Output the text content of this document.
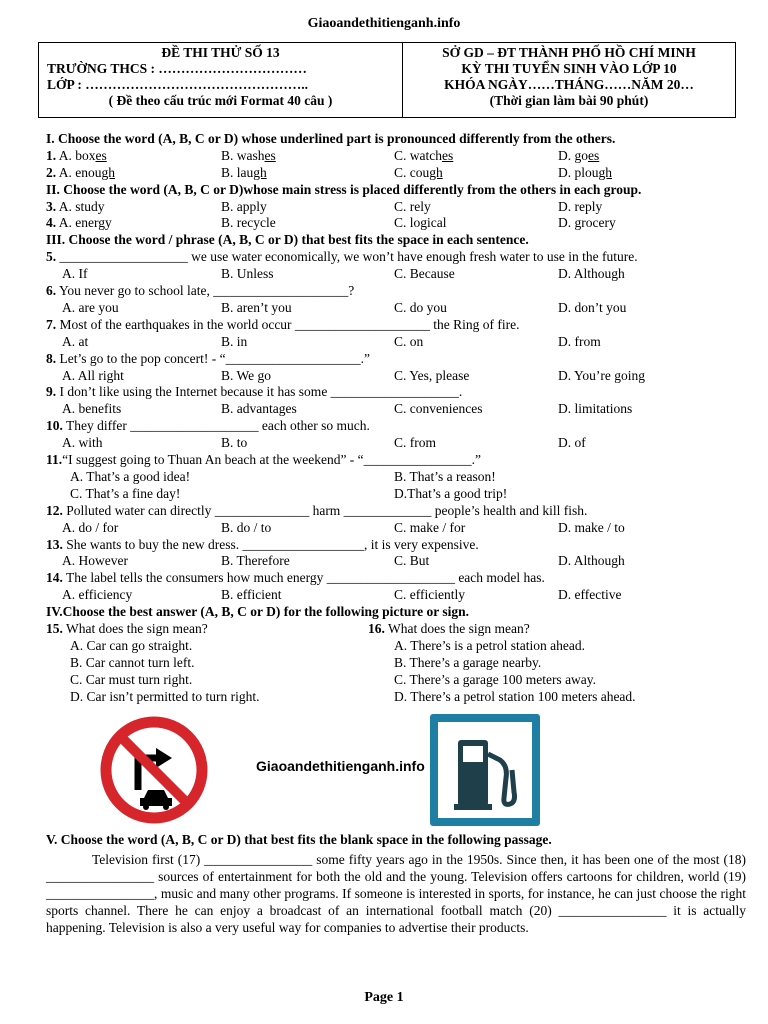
Giaoandethitienganh.info
ĐỀ THI THỬ SỐ 13
TRƯỜNG THCS : ……………………………
LỚP : …………………………………………..
( Đề theo cấu trúc mới Format 40 câu )
SỞ GD – ĐT THÀNH PHỐ HỒ CHÍ MINH
KỲ THI TUYỂN SINH VÀO LỚP 10
KHÓA NGÀY……THÁNG……NĂM 20…
(Thời gian làm bài 90 phút)
I. Choose the word (A, B, C or D) whose underlined part is pronounced differently from the others.
1. A. boxes	B. washes	C. watches	D. goes
2. A. enough	B. laugh	C. cough	D. plough
II. Choose the word (A, B, C or D)whose main stress is placed differently from the others in each group.
3. A. study	B. apply	C. rely	D. reply
4. A. energy	B. recycle	C. logical	D. grocery
III. Choose the word / phrase (A, B, C or D) that best fits the space in each sentence.
5. ___________________ we use water economically, we won’t have enough fresh water to use in the future.
A. If	B. Unless	C. Because	D. Although
6. You never go to school late, ____________________?
A. are you	B. aren’t you	C. do you	D. don’t you
7. Most of the earthquakes in the world occur ____________________ the Ring of fire.
A. at	B. in	C. on	D. from
8. Let’s go to the pop concert! - “____________________.”
A. All right	B. We go	C. Yes, please	D. You’re going
9. I don’t like using the Internet because it has some ___________________.
A. benefits	B. advantages	C. conveniences	D. limitations
10. They differ ___________________ each other so much.
A. with	B. to	C. from	D. of
11.“I suggest going to Thuan An beach at the weekend” - “________________.”
A. That’s a good idea!	B. That’s a reason!
C. That’s a fine day!	D.That’s a good trip!
12. Polluted water can directly ______________ harm _____________ people’s health and kill fish.
A. do / for	B. do / to	C. make / for	D. make / to
13. She wants to buy the new dress. __________________, it is very expensive.
A. However	B. Therefore	C. But	D. Although
14. The label tells the consumers how much energy ___________________ each model has.
A. efficiency	B. efficient	C. efficiently	D. effective
IV.Choose the best answer (A, B, C or D) for the following picture or sign.
15. What does the sign mean?	16. What does the sign mean?
A. Car can go straight.	A. There’s is a petrol station ahead.
B. Car cannot turn left.	B. There’s a garage nearby.
C. Car must turn right.	C. There’s a garage 100 meters away.
D. Car isn’t permitted to turn right.	D. There’s a petrol station 100 meters ahead.
Giaoandethitienganh.info
V. Choose the word (A, B, C or D) that best fits the blank space in the following passage.

Television first (17) ________________ some fifty years ago in the 1950s. Since then, it has been one of the most (18) ________________ sources of entertainment for both the old and the young. Television offers cartoons for children, world (19) ________________, music and many other programs. If someone is interested in sports, for instance, he can just choose the right sports channel. There he can enjoy a broadcast of an international football match (20) ________________ it is actually happening. Television is also a very useful way for companies to advertise their products.

Page 1
